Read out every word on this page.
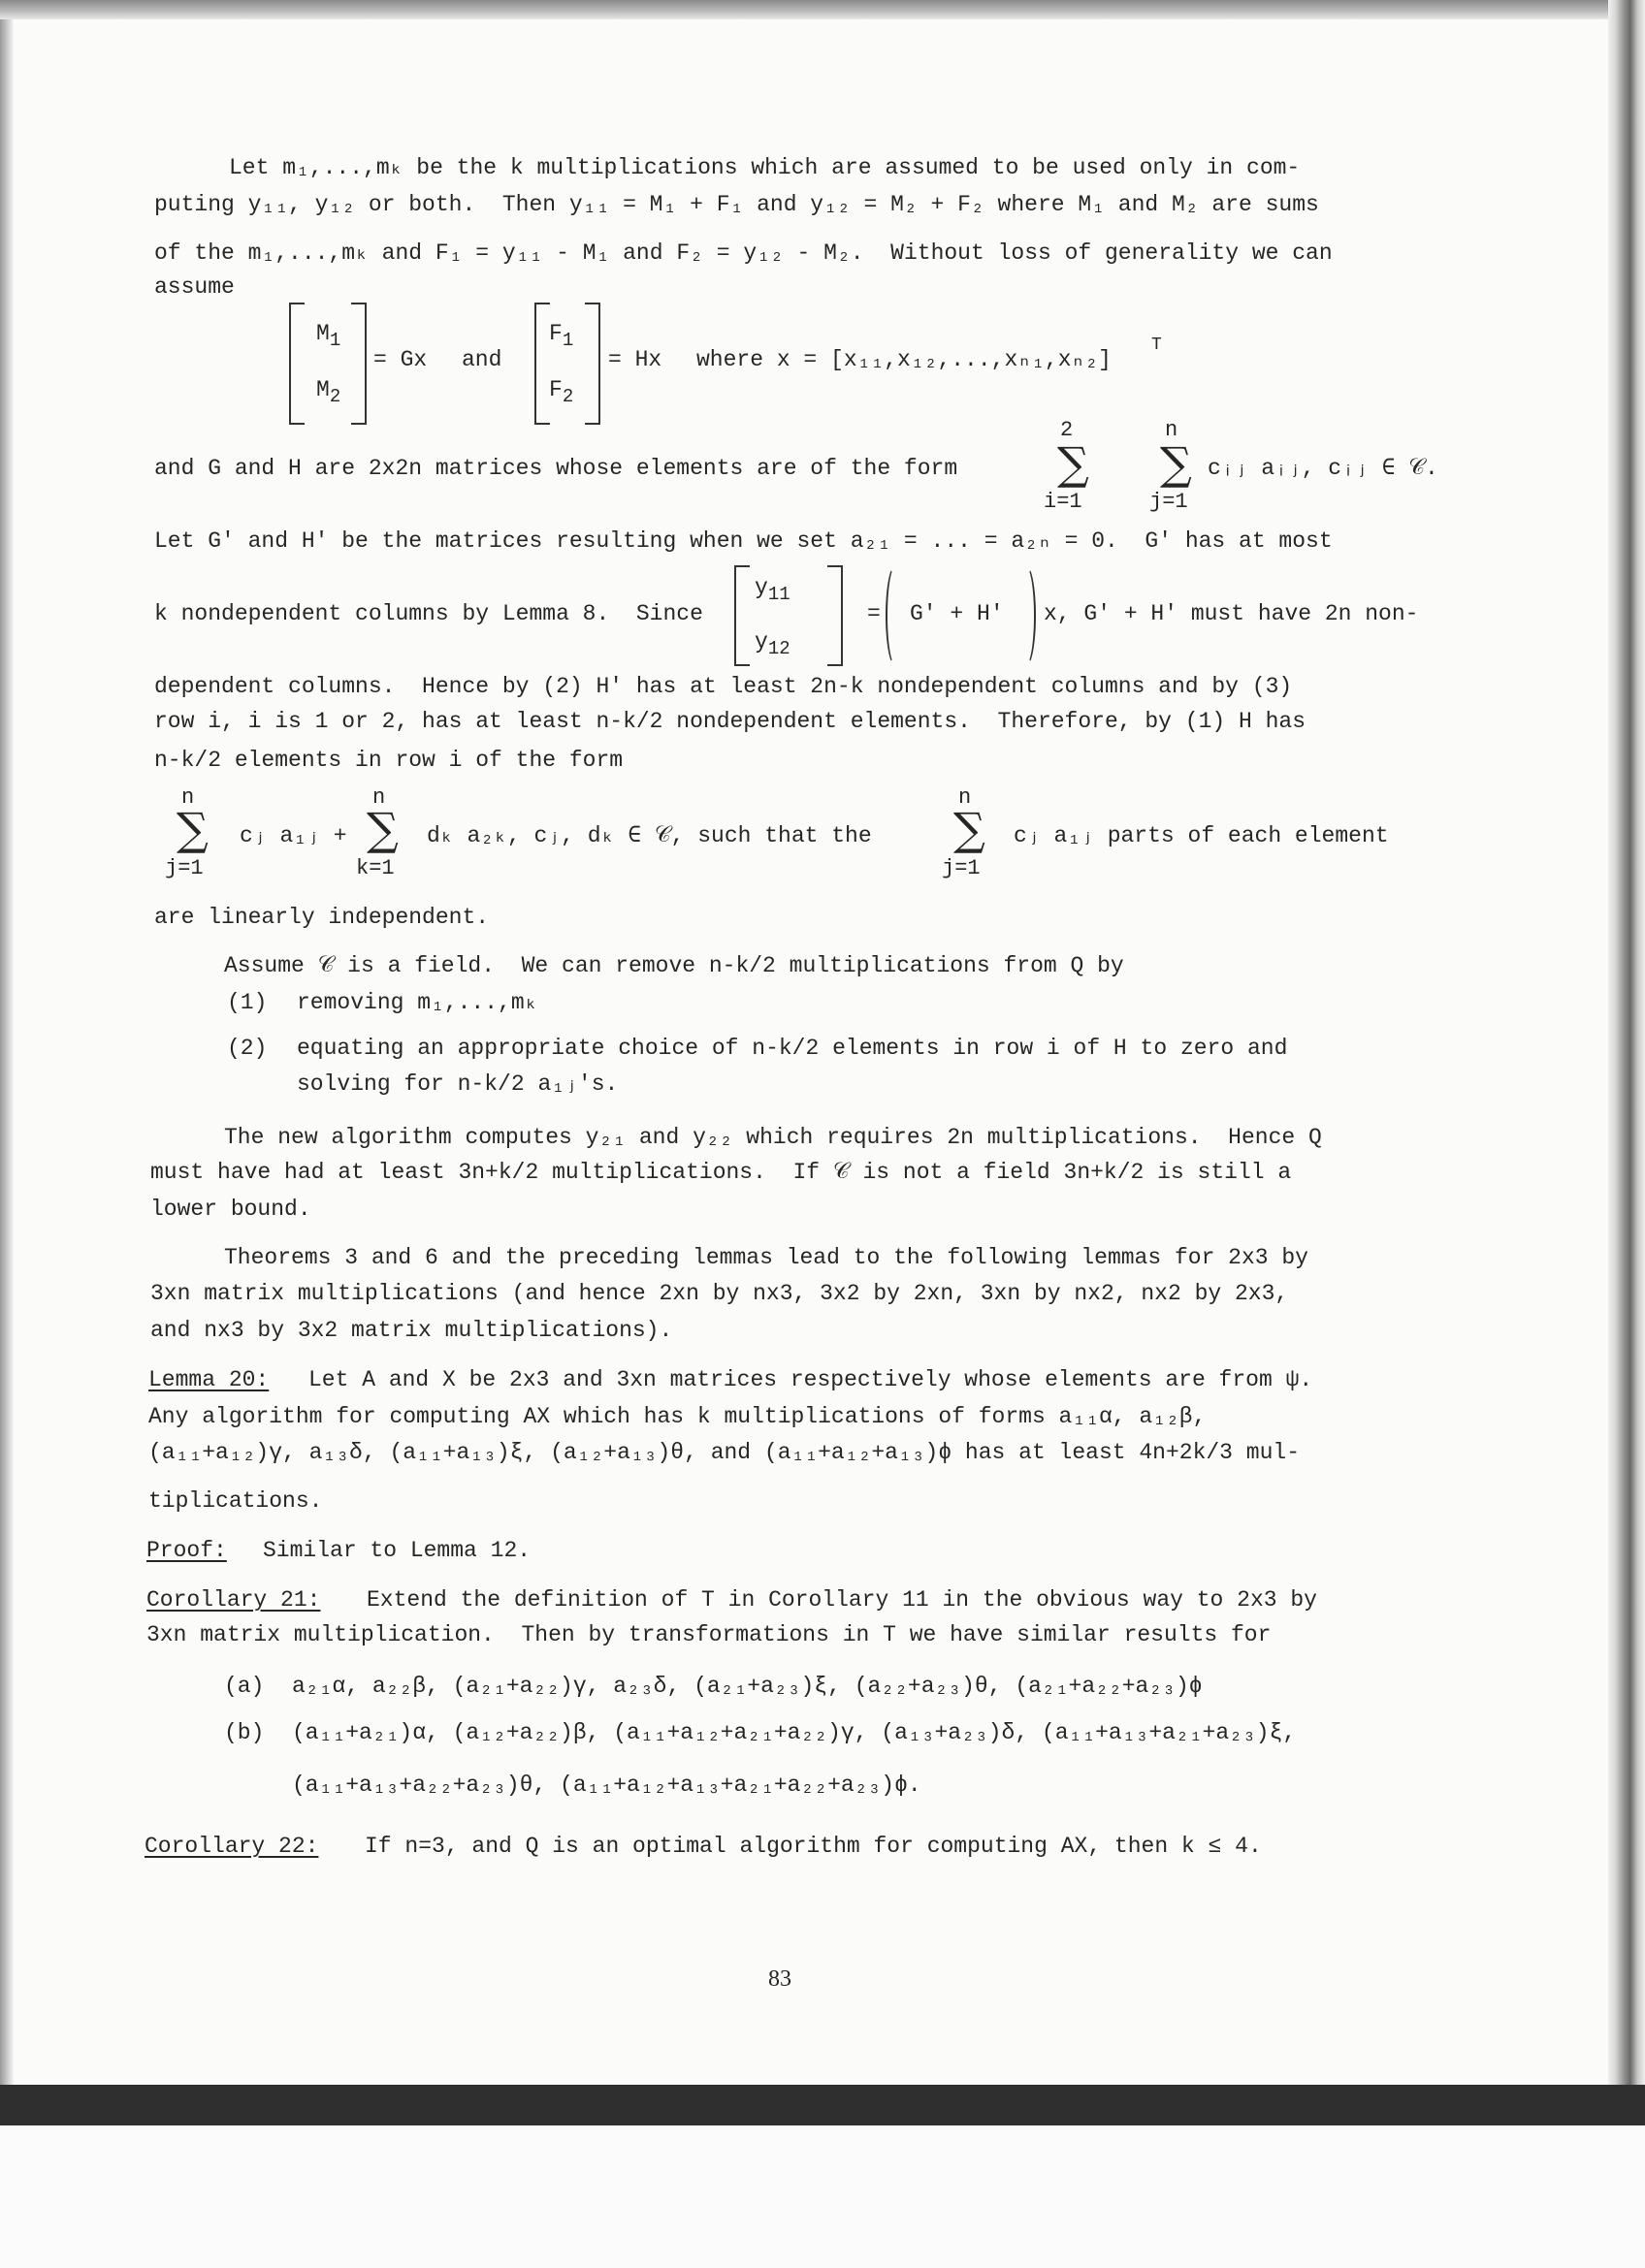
Let m₁,...,mₖ be the k multiplications which are assumed to be used only in com-
puting y₁₁, y₁₂ or both.  Then y₁₁ = M₁ + F₁ and y₁₂ = M₂ + F₂ where M₁ and M₂ are sums
of the m₁,...,mₖ and F₁ = y₁₁ - M₁ and F₂ = y₁₂ - M₂.  Without loss of generality we can
assume
$M_1$
$M_2$
= Gx and
$F_1$
$F_2$
= Hx where x = [x₁₁,x₁₂,...,xₙ₁,xₙ₂]
T
and G and H are 2x2n matrices whose elements are of the form
2
∑
i=1
n
∑
j=1
cᵢⱼ aᵢⱼ, cᵢⱼ ∈ 𝒞.
Let G' and H' be the matrices resulting when we set a₂₁ = ... = a₂ₙ = 0.  G' has at most
k nondependent columns by Lemma 8.  Since
$y_{11}$
$y_{12}$
= G' + H' x, G' + H' must have 2n non-
dependent columns.  Hence by (2) H' has at least 2n-k nondependent columns and by (3)
row i, i is 1 or 2, has at least n-k/2 nondependent elements.  Therefore, by (1) H has
n-k/2 elements in row i of the form
n
∑
j=1
cⱼ a₁ⱼ +
n
∑
k=1
dₖ a₂ₖ, cⱼ, dₖ ∈ 𝒞, such that the
n
∑
j=1
cⱼ a₁ⱼ parts of each element
are linearly independent.
Assume 𝒞 is a field.  We can remove n-k/2 multiplications from Q by
(1) removing m₁,...,mₖ
(2) equating an appropriate choice of n-k/2 elements in row i of H to zero and
solving for n-k/2 a₁ⱼ's.
The new algorithm computes y₂₁ and y₂₂ which requires 2n multiplications.  Hence Q
must have had at least 3n+k/2 multiplications.  If 𝒞 is not a field 3n+k/2 is still a
lower bound.
Theorems 3 and 6 and the preceding lemmas lead to the following lemmas for 2x3 by
3xn matrix multiplications (and hence 2xn by nx3, 3x2 by 2xn, 3xn by nx2, nx2 by 2x3,
and nx3 by 3x2 matrix multiplications).
Lemma 20: Let A and X be 2x3 and 3xn matrices respectively whose elements are from ψ.
Any algorithm for computing AX which has k multiplications of forms a₁₁α, a₁₂β,
(a₁₁+a₁₂)γ, a₁₃δ, (a₁₁+a₁₃)ξ, (a₁₂+a₁₃)θ, and (a₁₁+a₁₂+a₁₃)ϕ has at least 4n+2k/3 mul-
tiplications.
Proof: Similar to Lemma 12.
Corollary 21: Extend the definition of T in Corollary 11 in the obvious way to 2x3 by
3xn matrix multiplication.  Then by transformations in T we have similar results for
(a) a₂₁α, a₂₂β, (a₂₁+a₂₂)γ, a₂₃δ, (a₂₁+a₂₃)ξ, (a₂₂+a₂₃)θ, (a₂₁+a₂₂+a₂₃)ϕ
(b) (a₁₁+a₂₁)α, (a₁₂+a₂₂)β, (a₁₁+a₁₂+a₂₁+a₂₂)γ, (a₁₃+a₂₃)δ, (a₁₁+a₁₃+a₂₁+a₂₃)ξ,
(a₁₁+a₁₃+a₂₂+a₂₃)θ, (a₁₁+a₁₂+a₁₃+a₂₁+a₂₂+a₂₃)ϕ.
Corollary 22: If n=3, and Q is an optimal algorithm for computing AX, then k ≤ 4.
83
